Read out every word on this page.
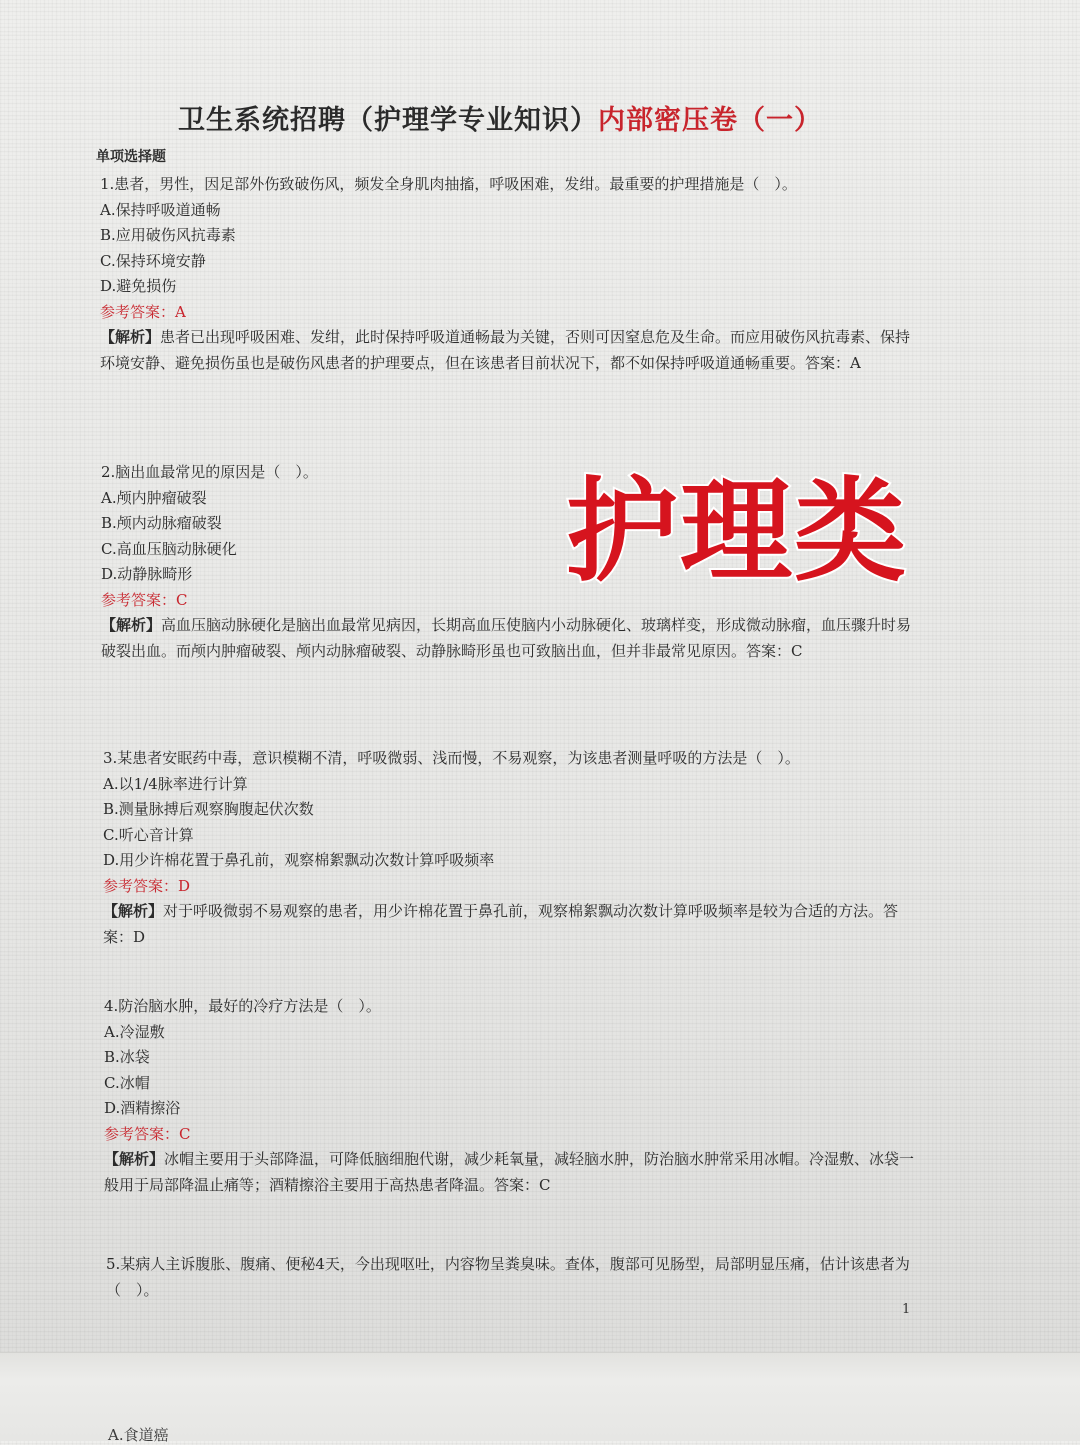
卫生系统招聘（护理学专业知识）内部密压卷（一）
单项选择题

1.患者，男性，因足部外伤致破伤风，频发全身肌肉抽搐，呼吸困难，发绀。最重要的护理措施是（　）。

A.保持呼吸道通畅

B.应用破伤风抗毒素

C.保持环境安静

D.避免损伤

参考答案：A

【解析】患者已出现呼吸困难、发绀，此时保持呼吸道通畅最为关键，否则可因窒息危及生命。而应用破伤风抗毒素、保持环境安静、避免损伤虽也是破伤风患者的护理要点，但在该患者目前状况下，都不如保持呼吸道通畅重要。答案：A

2.脑出血最常见的原因是（　）。

A.颅内肿瘤破裂

B.颅内动脉瘤破裂

C.高血压脑动脉硬化

D.动静脉畸形

参考答案：C

【解析】高血压脑动脉硬化是脑出血最常见病因，长期高血压使脑内小动脉硬化、玻璃样变，形成微动脉瘤，血压骤升时易破裂出血。而颅内肿瘤破裂、颅内动脉瘤破裂、动静脉畸形虽也可致脑出血，但并非最常见原因。答案：C

3.某患者安眠药中毒，意识模糊不清，呼吸微弱、浅而慢，不易观察，为该患者测量呼吸的方法是（　）。

A.以1/4脉率进行计算

B.测量脉搏后观察胸腹起伏次数

C.听心音计算

D.用少许棉花置于鼻孔前，观察棉絮飘动次数计算呼吸频率

参考答案：D

【解析】对于呼吸微弱不易观察的患者，用少许棉花置于鼻孔前，观察棉絮飘动次数计算呼吸频率是较为合适的方法。答案：D

4.防治脑水肿，最好的冷疗方法是（　）。

A.冷湿敷

B.冰袋

C.冰帽

D.酒精擦浴

参考答案：C

【解析】冰帽主要用于头部降温，可降低脑细胞代谢，减少耗氧量，减轻脑水肿，防治脑水肿常采用冰帽。冷湿敷、冰袋一般用于局部降温止痛等；酒精擦浴主要用于高热患者降温。答案：C

5.某病人主诉腹胀、腹痛、便秘4天，今出现呕吐，内容物呈粪臭味。查体，腹部可见肠型，局部明显压痛，估计该患者为（　）。

1
A.食道癌
护理类
